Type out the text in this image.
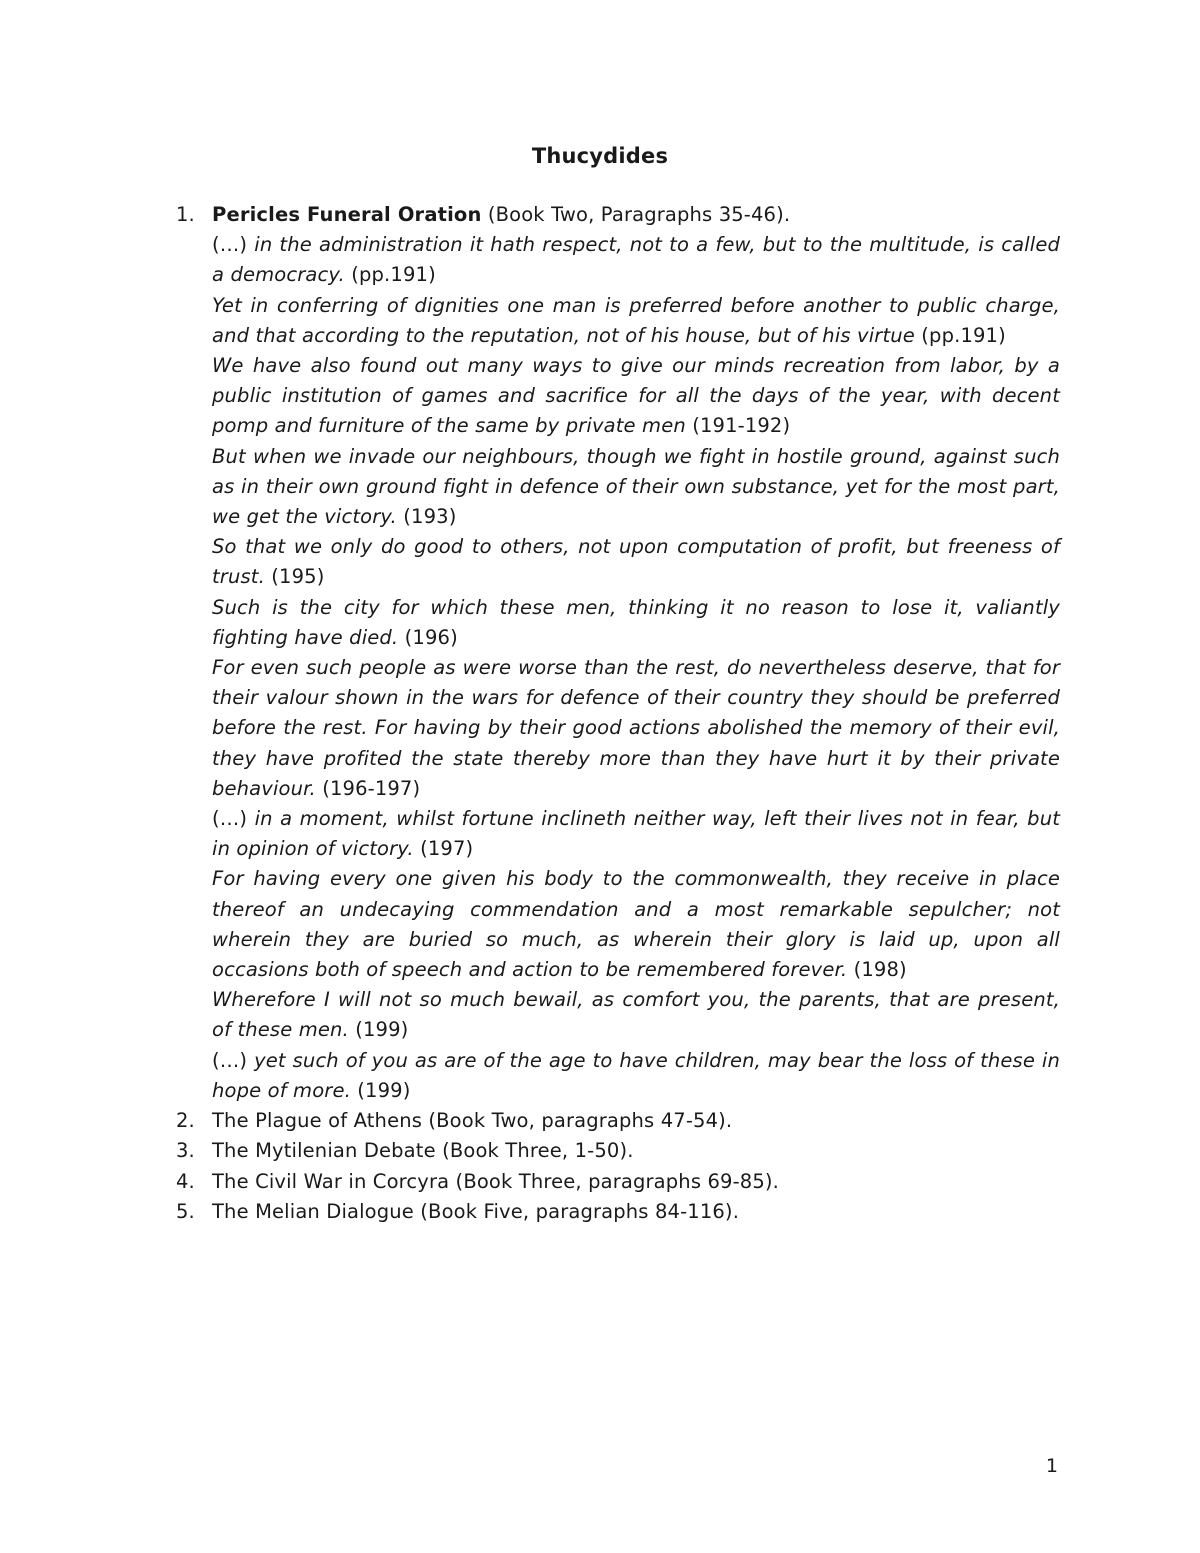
Thucydides
1. Pericles Funeral Oration (Book Two, Paragraphs 35-46).
(…) in the administration it hath respect, not to a few, but to the multitude, is called a democracy. (pp.191)
Yet in conferring of dignities one man is preferred before another to public charge, and that according to the reputation, not of his house, but of his virtue (pp.191)
We have also found out many ways to give our minds recreation from labor, by a public institution of games and sacrifice for all the days of the year, with decent pomp and furniture of the same by private men (191-192)
But when we invade our neighbours, though we fight in hostile ground, against such as in their own ground fight in defence of their own substance, yet for the most part, we get the victory. (193)
So that we only do good to others, not upon computation of profit, but freeness of trust. (195)
Such is the city for which these men, thinking it no reason to lose it, valiantly fighting have died. (196)
For even such people as were worse than the rest, do nevertheless deserve, that for their valour shown in the wars for defence of their country they should be preferred before the rest. For having by their good actions abolished the memory of their evil, they have profited the state thereby more than they have hurt it by their private behaviour. (196-197)
(…) in a moment, whilst fortune inclineth neither way, left their lives not in fear, but in opinion of victory. (197)
For having every one given his body to the commonwealth, they receive in place thereof an undecaying commendation and a most remarkable sepulcher; not wherein they are buried so much, as wherein their glory is laid up, upon all occasions both of speech and action to be remembered forever. (198)
Wherefore I will not so much bewail, as comfort you, the parents, that are present, of these men. (199)
(…) yet such of you as are of the age to have children, may bear the loss of these in hope of more. (199)
2. The Plague of Athens (Book Two, paragraphs 47-54).
3. The Mytilenian Debate (Book Three, 1-50).
4. The Civil War in Corcyra (Book Three, paragraphs 69-85).
5. The Melian Dialogue (Book Five, paragraphs 84-116).
1
